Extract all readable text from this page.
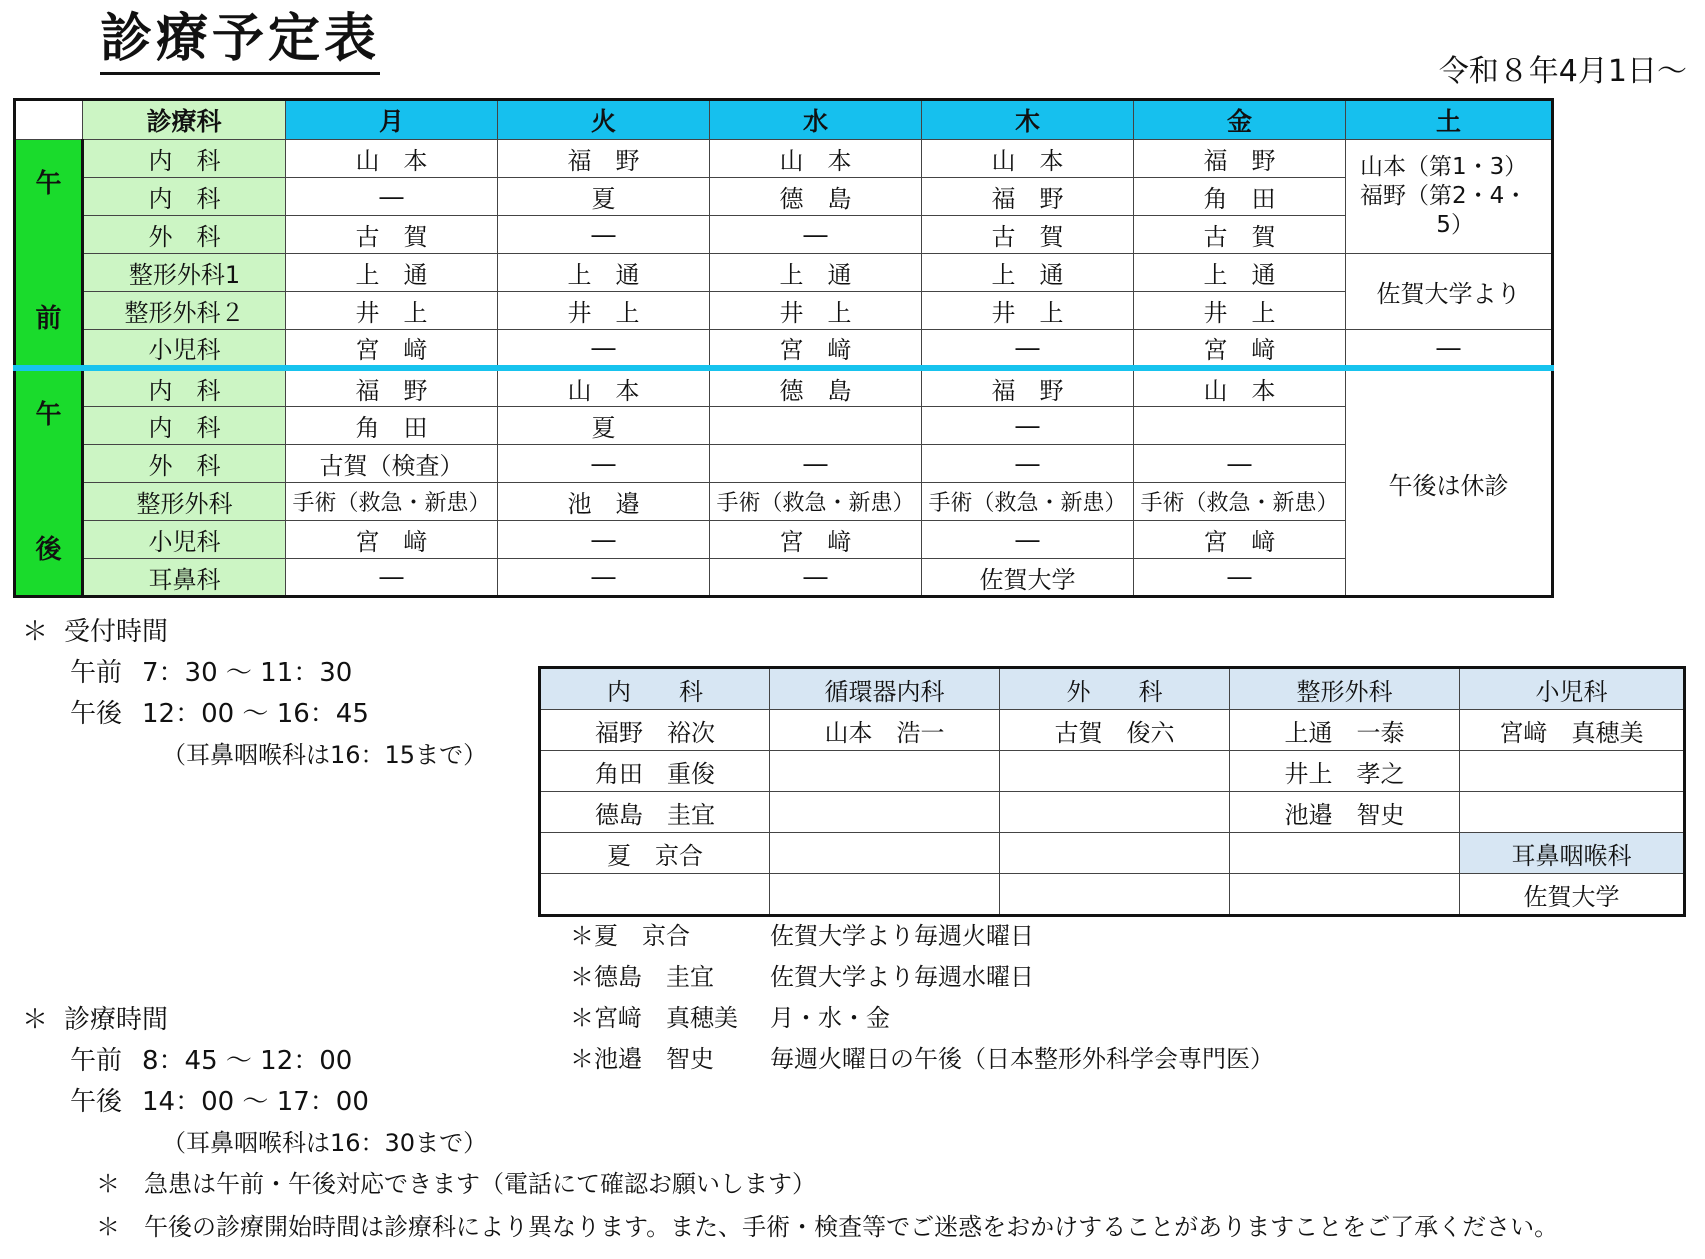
診療予定表
令和８年4月1日～
	診療科	月	火	水	木	金	土
午

前	内　科	山　本	福　野	山　本	山　本	福　野	山本（第1・3）
福野（第2・4・
　　　 5）
	内　科	―	夏	德　島	福　野	角　田	
	外　科	古　賀	―	―	古　賀	古　賀	
	整形外科1	上　通	上　通	上　通	上　通	上　通	佐賀大学より
	整形外科２	井　上	井　上	井　上	井　上	井　上	
	小児科	宮　﨑	―	宮　﨑	―	宮　﨑	―
午

後	内　科	福　野	山　本	德　島	福　野	山　本	午後は休診
	内　科	角　田	夏		―		
	外　科	古賀（検査）	―	―	―	―	
	整形外科	手術（救急・新患）	池　邉	手術（救急・新患）	手術（救急・新患）	手術（救急・新患）	
	小児科	宮　﨑	―	宮　﨑	―	宮　﨑	
	耳鼻科	―	―	―	佐賀大学	―	
＊ 受付時間
午前 7：30 ～ 11：30
午後 12：00 ～ 16：45
（耳鼻咽喉科は16：15まで）
＊ 診療時間
午前 8：45 ～ 12：00
午後 14：00 ～ 17：00
（耳鼻咽喉科は16：30まで）
内　　科	循環器内科	外　　科	整形外科	小児科
福野　裕次	山本　浩一	古賀　俊六	上通　一泰	宮﨑　真穂美
角田　重俊			井上　孝之	
德島　圭宜			池邉　智史	
夏　京合				耳鼻咽喉科
				佐賀大学
＊夏　京合	佐賀大学より毎週火曜日
＊德島　圭宜	佐賀大学より毎週水曜日
＊宮﨑　真穂美	月・水・金
＊池邉　智史	毎週火曜日の午後（日本整形外科学会専門医）
＊	急患は午前・午後対応できます（電話にて確認お願いします）
＊	午後の診療開始時間は診療科により異なります。また、手術・検査等でご迷惑をおかけすることがありますことをご了承ください。
